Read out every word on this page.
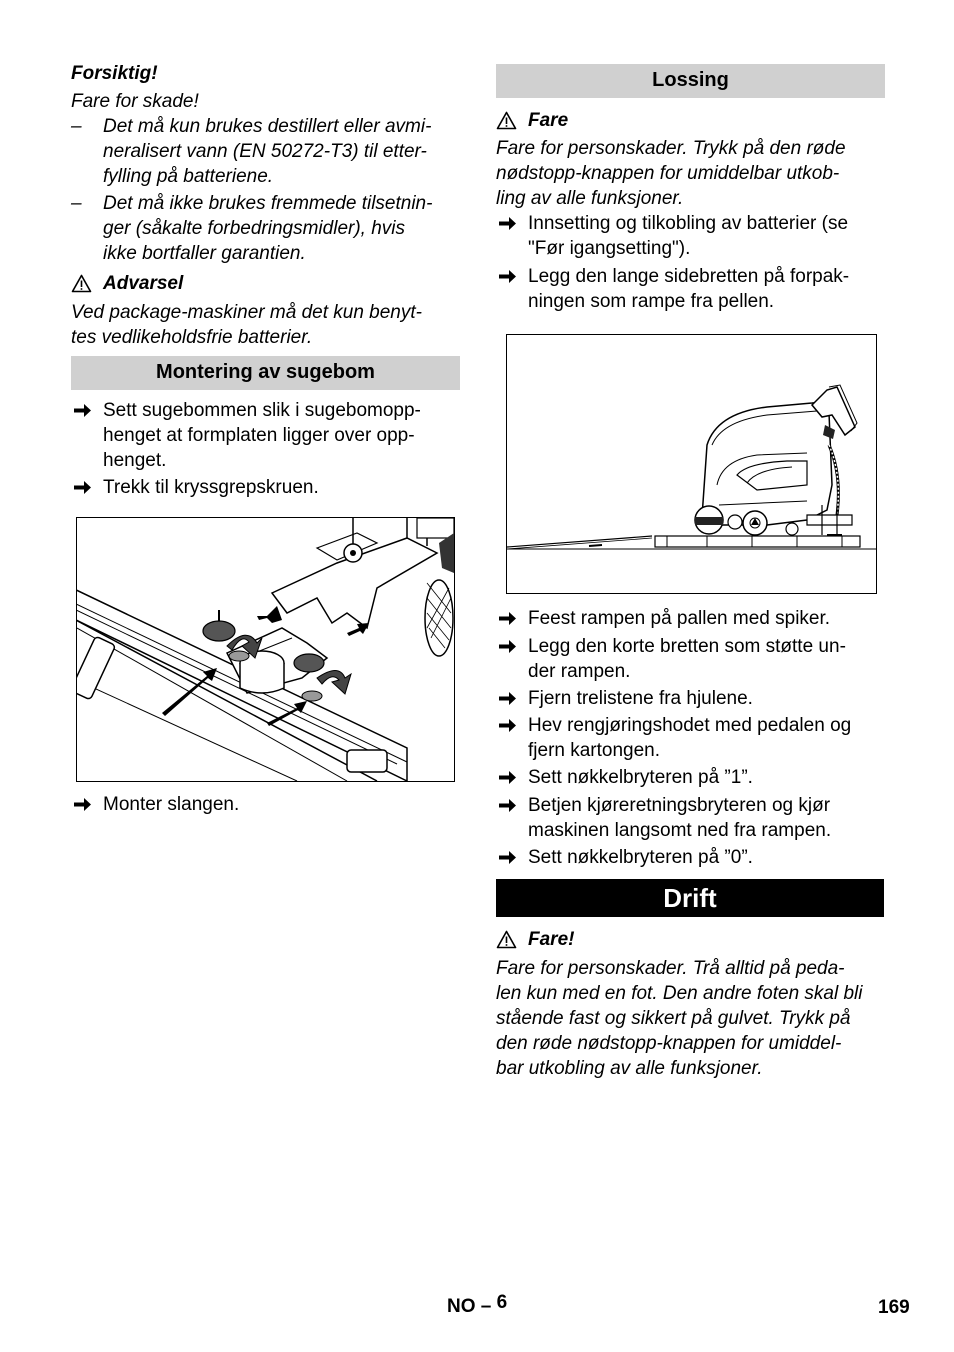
Forsiktig!
Fare for skade!
– Det må kun brukes destillert eller avmi-
neralisert vann (EN 50272-T3) til etter-
fylling på batteriene.
– Det må ikke brukes fremmede tilsetnin-
ger (såkalte forbedringsmidler), hvis
ikke bortfaller garantien.
Advarsel
Ved package-maskiner må det kun benyt-
tes vedlikeholdsfrie batterier.
Montering av sugebom
Sett sugebommen slik i sugebomopp-
henget at formplaten ligger over opp-
henget.
Trekk til kryssgrepskruen.
Monter slangen.
Lossing
Fare
Fare for personskader. Trykk på den røde
nødstopp-knappen for umiddelbar utkob-
ling av alle funksjoner.
Innsetting og tilkobling av batterier (se
"Før igangsetting").
Legg den lange sidebretten på forpak-
ningen som rampe fra pellen.
Feest rampen på pallen med spiker.
Legg den korte bretten som støtte un-
der rampen.
Fjern trelistene fra hjulene.
Hev rengjøringshodet med pedalen og
fjern kartongen.
Sett nøkkelbryteren på ”1”.
Betjen kjøreretningsbryteren og kjør
maskinen langsomt ned fra rampen.
Sett nøkkelbryteren på ”0”.
Drift
Fare!
Fare for personskader. Trå alltid på peda-
len kun med en fot. Den andre foten skal bli
stående fast og sikkert på gulvet. Trykk på
den røde nødstopp-knappen for umiddel-
bar utkobling av alle funksjoner.
NO – $^6$	169
